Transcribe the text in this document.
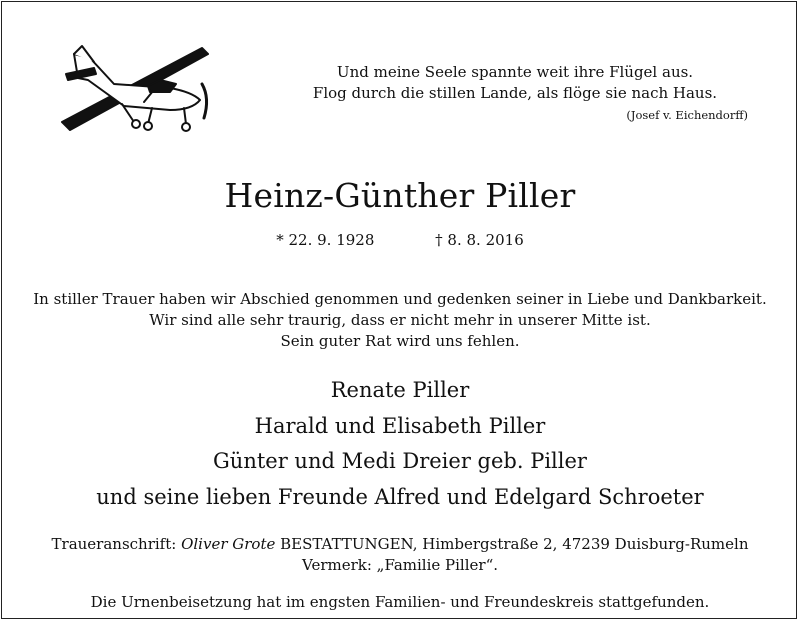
Und meine Seele spannte weit ihre Flügel aus.
Flog durch die stillen Lande, als flöge sie nach Haus.
(Josef v. Eichendorff)
Heinz-Günther Piller
* 22. 9. 1928	† 8. 8. 2016
In stiller Trauer haben wir Abschied genommen und gedenken seiner in Liebe und Dankbarkeit.
Wir sind alle sehr traurig, dass er nicht mehr in unserer Mitte ist.
Sein guter Rat wird uns fehlen.
Renate Piller
Harald und Elisabeth Piller
Günter und Medi Dreier geb. Piller
und seine lieben Freunde Alfred und Edelgard Schroeter
Traueranschrift: Oliver Grote BESTATTUNGEN, Himbergstraße 2, 47239 Duisburg-Rumeln
Vermerk: „Familie Piller“.
Die Urnenbeisetzung hat im engsten Familien- und Freundeskreis stattgefunden.
